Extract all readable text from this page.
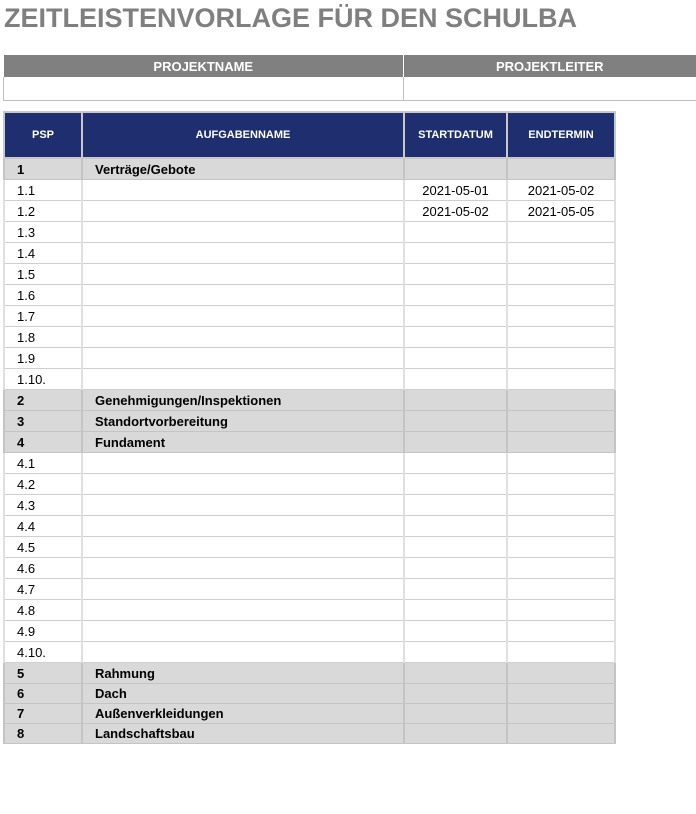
ZEITLEISTENVORLAGE FÜR DEN SCHULBA
PROJEKTNAME	PROJEKTLEITER

PSP	AUFGABENNAME	STARTDATUM	ENDTERMIN
1	Verträge/Gebote		
1.1		2021-05-01	2021-05-02
1.2		2021-05-02	2021-05-05
1.3			
1.4			
1.5			
1.6			
1.7			
1.8			
1.9			
1.10.			
2	Genehmigungen/Inspektionen		
3	Standortvorbereitung		
4	Fundament		
4.1			
4.2			
4.3			
4.4			
4.5			
4.6			
4.7			
4.8			
4.9			
4.10.			
5	Rahmung		
6	Dach		
7	Außenverkleidungen		
8	Landschaftsbau		
